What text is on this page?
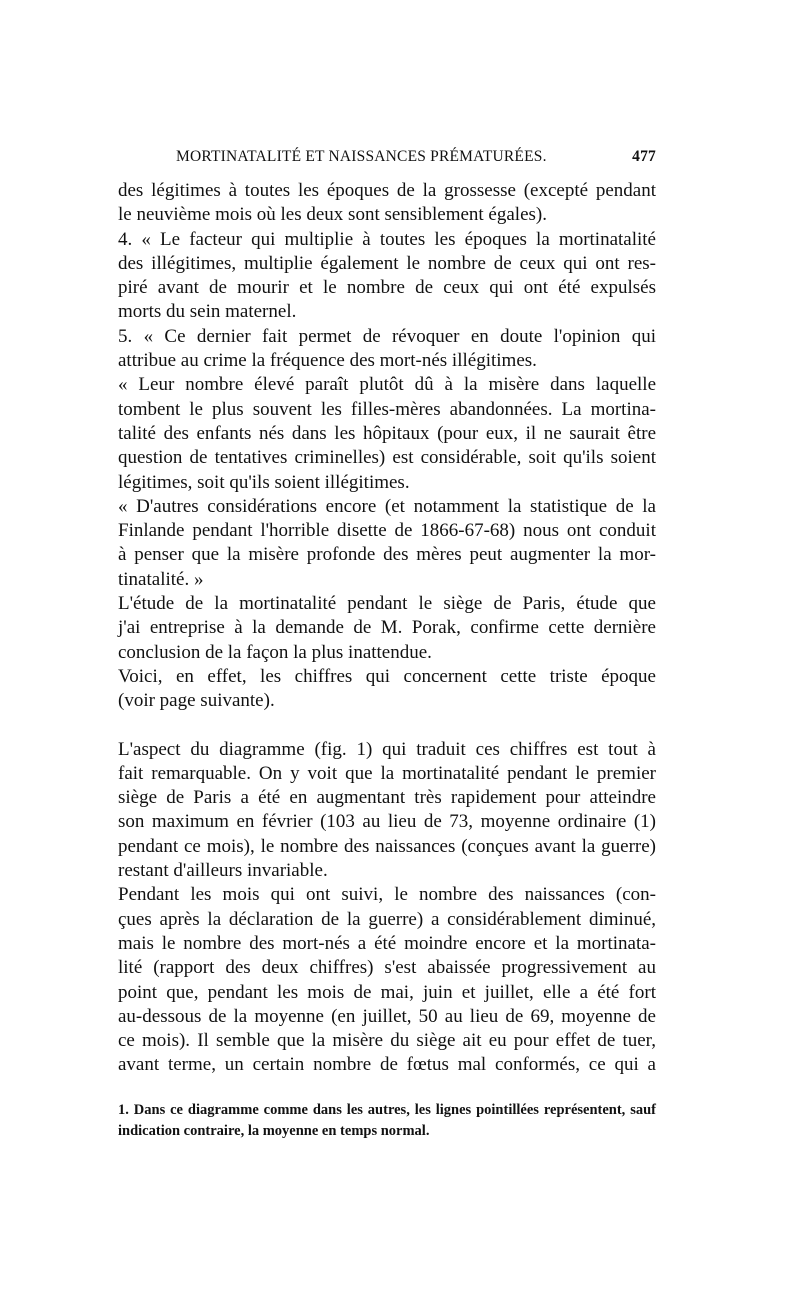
MORTINATALITÉ ET NAISSANCES PRÉMATURÉES.	477
des légitimes à toutes les époques de la grossesse (excepté pendant
le neuvième mois où les deux sont sensiblement égales).
4. « Le facteur qui multiplie à toutes les époques la mortinatalité
des illégitimes, multiplie également le nombre de ceux qui ont res-
piré avant de mourir et le nombre de ceux qui ont été expulsés
morts du sein maternel.
5. « Ce dernier fait permet de révoquer en doute l'opinion qui
attribue au crime la fréquence des mort-nés illégitimes.
« Leur nombre élevé paraît plutôt dû à la misère dans laquelle
tombent le plus souvent les filles-mères abandonnées. La mortina-
talité des enfants nés dans les hôpitaux (pour eux, il ne saurait être
question de tentatives criminelles) est considérable, soit qu'ils soient
légitimes, soit qu'ils soient illégitimes.
« D'autres considérations encore (et notamment la statistique de la
Finlande pendant l'horrible disette de 1866-67-68) nous ont conduit
à penser que la misère profonde des mères peut augmenter la mor-
tinatalité. »
L'étude de la mortinatalité pendant le siège de Paris, étude que
j'ai entreprise à la demande de M. Porak, confirme cette dernière
conclusion de la façon la plus inattendue.
Voici, en effet, les chiffres qui concernent cette triste époque
(voir page suivante).
L'aspect du diagramme (fig. 1) qui traduit ces chiffres est tout à
fait remarquable. On y voit que la mortinatalité pendant le premier
siège de Paris a été en augmentant très rapidement pour atteindre
son maximum en février (103 au lieu de 73, moyenne ordinaire (1)
pendant ce mois), le nombre des naissances (conçues avant la guerre)
restant d'ailleurs invariable.
Pendant les mois qui ont suivi, le nombre des naissances (con-
çues après la déclaration de la guerre) a considérablement diminué,
mais le nombre des mort-nés a été moindre encore et la mortinata-
lité (rapport des deux chiffres) s'est abaissée progressivement au
point que, pendant les mois de mai, juin et juillet, elle a été fort
au-dessous de la moyenne (en juillet, 50 au lieu de 69, moyenne de
ce mois). Il semble que la misère du siège ait eu pour effet de tuer,
avant terme, un certain nombre de fœtus mal conformés, ce qui a
1. Dans ce diagramme comme dans les autres, les lignes pointillées représentent, sauf indication contraire, la moyenne en temps normal.
